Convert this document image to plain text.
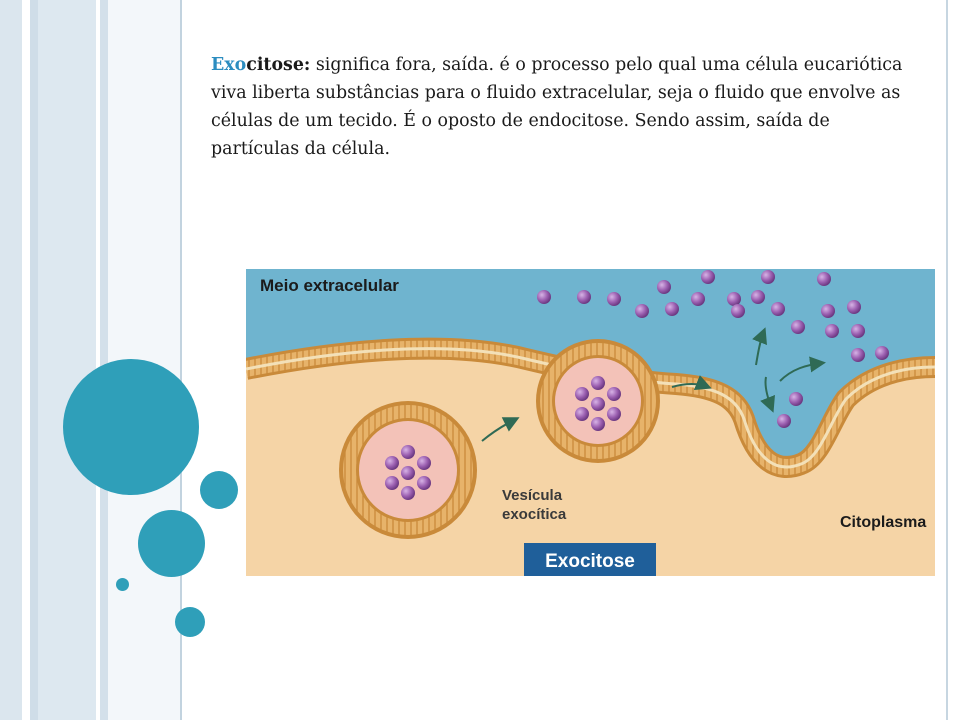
Exocitose: significa fora, saída. é o processo pelo qual uma célula eucariótica viva liberta substâncias para o fluido extracelular, seja o fluido que envolve as células de um tecido. É o oposto de endocitose. Sendo assim, saída de partículas da célula.

Meio extracelular
Vesícula
exocítica	Citoplasma
Exocitose
